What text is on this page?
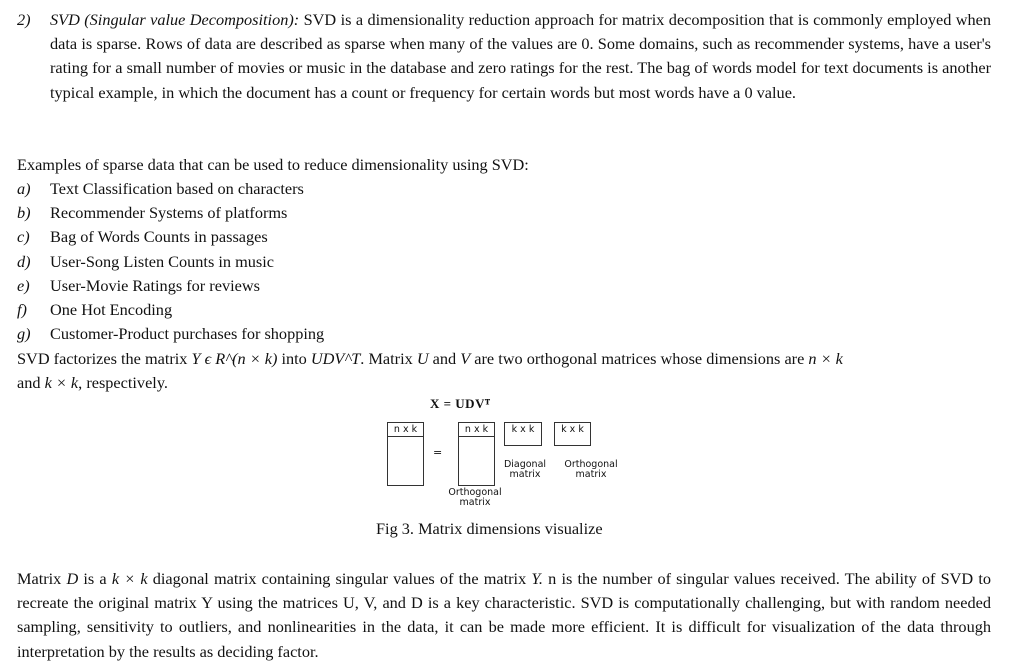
2) SVD (Singular value Decomposition): SVD is a dimensionality reduction approach for matrix decomposition that is commonly employed when data is sparse. Rows of data are described as sparse when many of the values are 0. Some domains, such as recommender systems, have a user's rating for a small number of movies or music in the database and zero ratings for the rest. The bag of words model for text documents is another typical example, in which the document has a count or frequency for certain words but most words have a 0 value.
Examples of sparse data that can be used to reduce dimensionality using SVD:
a) Text Classification based on characters
b) Recommender Systems of platforms
c) Bag of Words Counts in passages
d) User-Song Listen Counts in music
e) User-Movie Ratings for reviews
f) One Hot Encoding
g) Customer-Product purchases for shopping
SVD factorizes the matrix Y ϵ R^(n × k) into UDV^T. Matrix U and V are two orthogonal matrices whose dimensions are n × k
and k × k, respectively.
X = UDVᵀ
n x k
=
n x k	k x k	k x k
Diagonal
matrix
Orthogonal
matrix
Orthogonal
matrix
Fig 3. Matrix dimensions visualize
Matrix D is a k × k diagonal matrix containing singular values of the matrix Y. n is the number of singular values received. The ability of SVD to recreate the original matrix Y using the matrices U, V, and D is a key characteristic. SVD is computationally challenging, but with random needed sampling, sensitivity to outliers, and nonlinearities in the data, it can be made more efficient. It is difficult for visualization of the data through interpretation by the results as deciding factor.
